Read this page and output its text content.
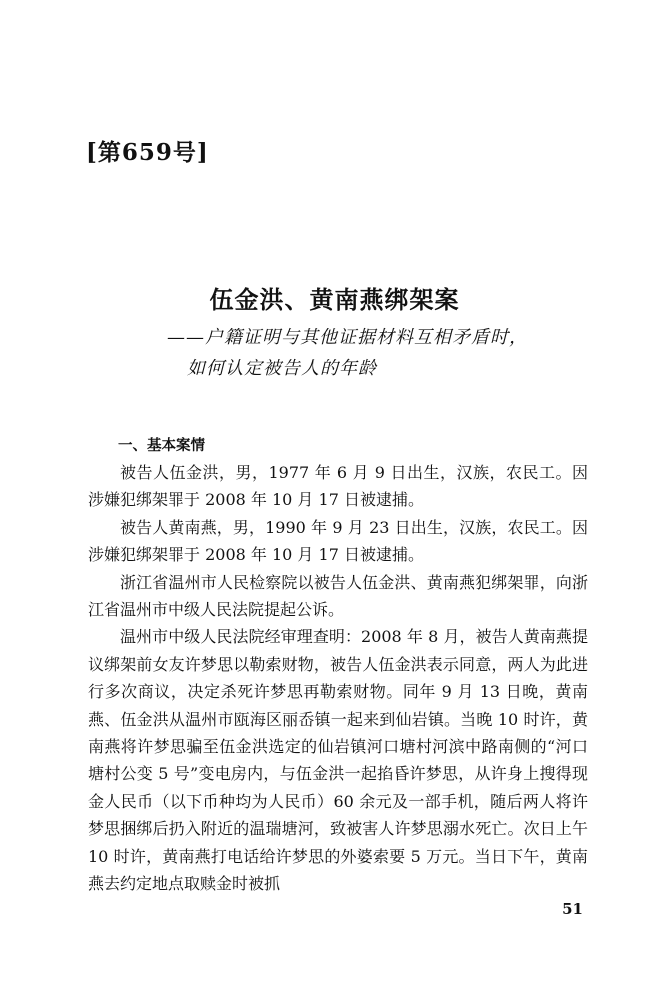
[第659号]
伍金洪、黄南燕绑架案
——户籍证明与其他证据材料互相矛盾时，
如何认定被告人的年龄
一、基本案情

被告人伍金洪，男，1977 年 6 月 9 日出生，汉族，农民工。因涉嫌犯绑架罪于 2008 年 10 月 17 日被逮捕。

被告人黄南燕，男，1990 年 9 月 23 日出生，汉族，农民工。因涉嫌犯绑架罪于 2008 年 10 月 17 日被逮捕。

浙江省温州市人民检察院以被告人伍金洪、黄南燕犯绑架罪，向浙江省温州市中级人民法院提起公诉。

温州市中级人民法院经审理查明：2008 年 8 月，被告人黄南燕提议绑架前女友许梦思以勒索财物，被告人伍金洪表示同意，两人为此进行多次商议，决定杀死许梦思再勒索财物。同年 9 月 13 日晚，黄南燕、伍金洪从温州市瓯海区丽岙镇一起来到仙岩镇。当晚 10 时许，黄南燕将许梦思骗至伍金洪选定的仙岩镇河口塘村河滨中路南侧的“河口塘村公变 5 号”变电房内，与伍金洪一起掐昏许梦思，从许身上搜得现金人民币（以下币种均为人民币）60 余元及一部手机，随后两人将许梦思捆绑后扔入附近的温瑞塘河，致被害人许梦思溺水死亡。次日上午 10 时许，黄南燕打电话给许梦思的外婆索要 5 万元。当日下午，黄南燕去约定地点取赎金时被抓

51
